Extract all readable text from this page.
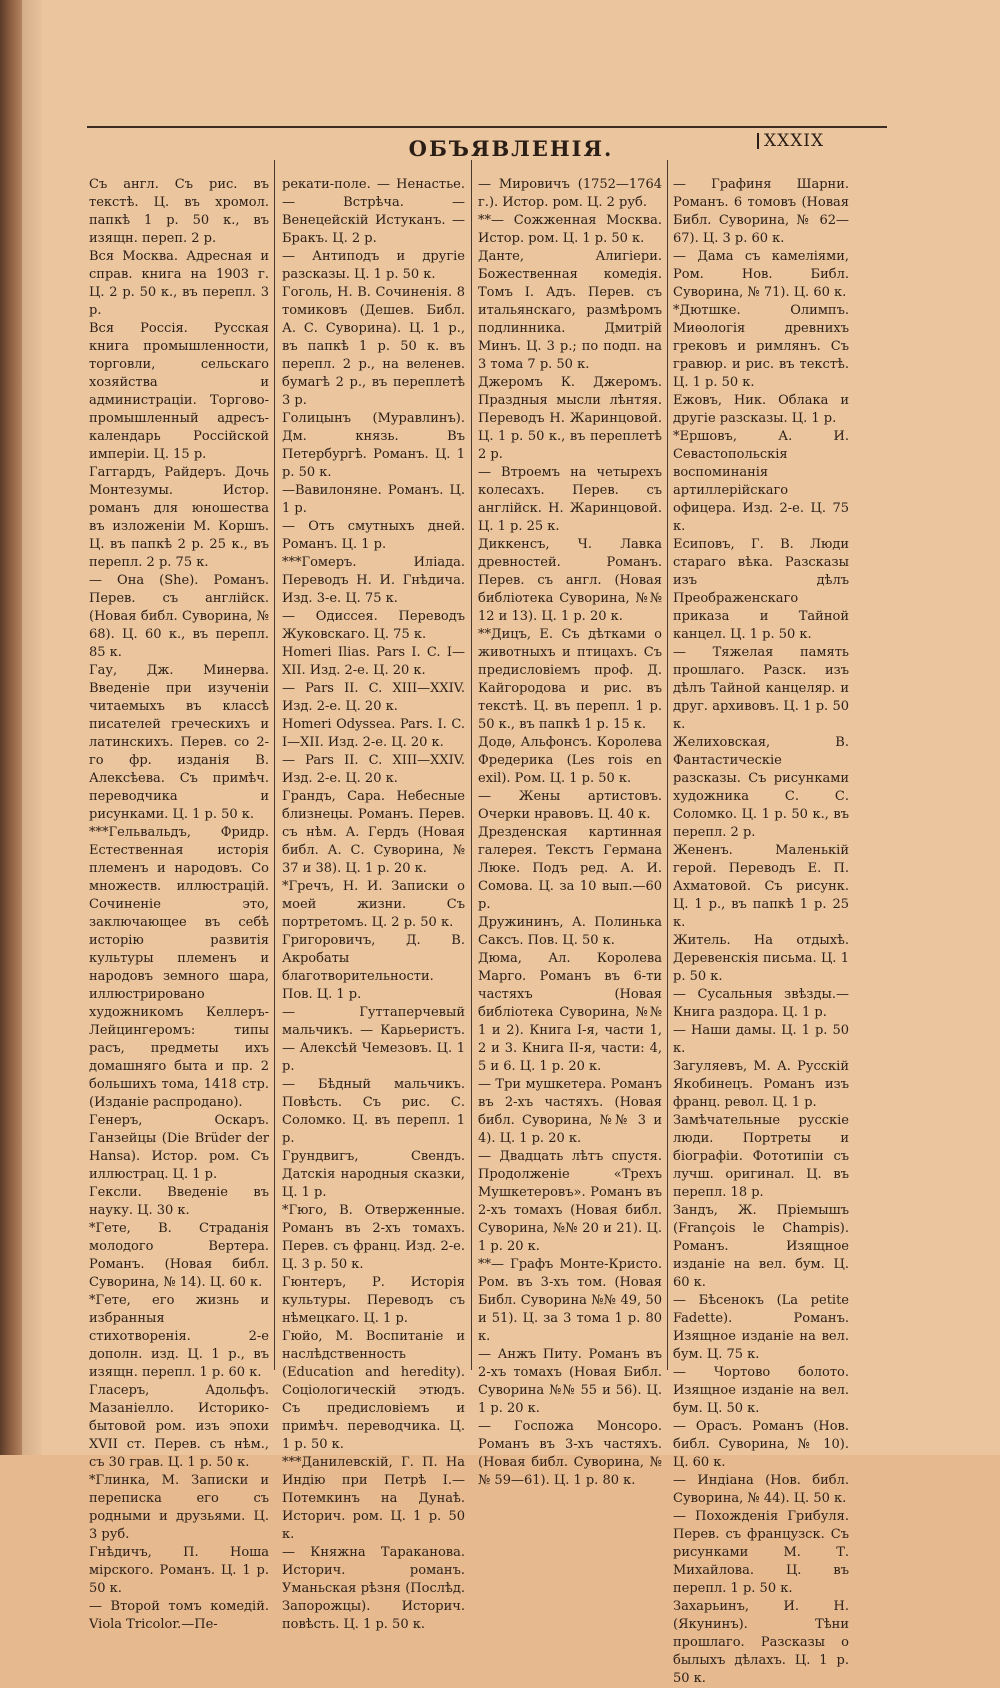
ОБЪЯВЛЕНІЯ.	XXXIX

Съ англ. Съ рис. въ текстѣ. Ц. въ хромол. папкѣ 1 р. 50 к., въ изящн. переп. 2 р.

Вся Москва. Адресная и справ. книга на 1903 г. Ц. 2 р. 50 к., въ перепл. 3 р.

Вся Россія. Русская книга промышленности, торговли, сельскаго хозяйства и администраціи. Торгово-промышленный адресъ-календарь Россійской имперіи. Ц. 15 р.

Гаггардъ, Райдеръ. Дочь Монтезумы. Истор. романъ для юношества въ изложеніи М. Коршъ. Ц. въ папкѣ 2 р. 25 к., въ перепл. 2 р. 75 к.

— Она (She). Романъ. Перев. съ англійск. (Новая библ. Суворина, № 68). Ц. 60 к., въ перепл. 85 к.

Гау, Дж. Минерва. Введеніе при изученіи читаемыхъ въ классѣ писателей греческихъ и латинскихъ. Перев. со 2-го фр. изданія В. Алексѣева. Съ примѣч. переводчика и рисунками. Ц. 1 р. 50 к.

***Гельвальдъ, Фридр. Естественная исторія племенъ и народовъ. Со множеств. иллюстрацій. Сочиненіе это, заключающее въ себѣ исторію развитія культуры племенъ и народовъ земного шара, иллюстрировано художникомъ Келлеръ-Лейцингеромъ: типы расъ, предметы ихъ домашняго быта и пр. 2 большихъ тома, 1418 стр. (Изданіе распродано).

Генеръ, Оскаръ. Ганзейцы (Die Brüder der Hansa). Истор. ром. Съ иллюстрац. Ц. 1 р.

Гексли. Введеніе въ науку. Ц. 30 к.

*Гете, В. Страданія молодого Вертера. Романъ. (Новая библ. Суворина, № 14). Ц. 60 к.

*Гете, его жизнь и избранныя стихотворенія. 2-е дополн. изд. Ц. 1 р., въ изящн. перепл. 1 р. 60 к.

Гласеръ, Адольфъ. Мазаніелло. Историко-бытовой ром. изъ эпохи XVII ст. Перев. съ нѣм., съ 30 грав. Ц. 1 р. 50 к.

*Глинка, М. Записки и переписка его съ родными и друзьями. Ц. 3 руб.

Гнѣдичъ, П. Ноша мірского. Романъ. Ц. 1 р. 50 к.

— Второй томъ комедій. Viola Tricolor.—Пе-

рекати-поле. — Ненастье. — Встрѣча. — Венецейскій Истуканъ. — Бракъ. Ц. 2 р.

— Антиподъ и другіе разсказы. Ц. 1 р. 50 к.

Гоголь, Н. В. Сочиненія. 8 томиковъ (Дешев. Библ. А. С. Суворина). Ц. 1 р., въ папкѣ 1 р. 50 к. въ перепл. 2 р., на веленев. бумагѣ 2 р., въ переплетѣ 3 р.

Голицынъ (Муравлинъ). Дм. князь. Въ Петербургѣ. Романъ. Ц. 1 р. 50 к.

—Вавилоняне. Романъ. Ц. 1 р.

— Отъ смутныхъ дней. Романъ. Ц. 1 р.

***Гомеръ. Иліада. Переводъ Н. И. Гнѣдича. Изд. 3-е. Ц. 75 к.

— Одиссея. Переводъ Жуковскаго. Ц. 75 к.

Homeri Ilias. Pars I. C. I—XII. Изд. 2-е. Ц. 20 к.

— Pars II. C. XIII—XXIV. Изд. 2-е. Ц. 20 к.

Homeri Odyssea. Pars. I. C. I—XII. Изд. 2-е. Ц. 20 к.

— Pars II. C. XIII—XXIV. Изд. 2-е. Ц. 20 к.

Грандъ, Сара. Небесные близнецы. Романъ. Перев. съ нѣм. А. Гердъ (Новая библ. А. С. Суворина, № 37 и 38). Ц. 1 р. 20 к.

*Гречъ, Н. И. Записки о моей жизни. Съ портретомъ. Ц. 2 р. 50 к.

Григоровичъ, Д. В. Акробаты благотворительности. Пов. Ц. 1 р.

— Гуттаперчевый мальчикъ. — Карьеристъ. — Алексѣй Чемезовъ. Ц. 1 р.

— Бѣдный мальчикъ. Повѣсть. Съ рис. С. Соломко. Ц. въ перепл. 1 р.

Грундвигъ, Свендъ. Датскія народныя сказки, Ц. 1 р.

*Гюго, В. Отверженные. Романъ въ 2-хъ томахъ. Перев. съ франц. Изд. 2-е. Ц. 3 р. 50 к.

Гюнтеръ, Р. Исторія культуры. Переводъ съ нѣмецкаго. Ц. 1 р.

Гюйо, М. Воспитаніе и наслѣдственность (Education and heredity). Соціологическій этюдъ. Съ предисловіемъ и примѣч. переводчика. Ц. 1 р. 50 к.

***Данилевскій, Г. П. На Индію при Петрѣ I.— Потемкинъ на Дунаѣ. Историч. ром. Ц. 1 р. 50 к.

— Княжна Тараканова. Историч. романъ. Уманьская рѣзня (Послѣд. Запорожцы). Историч. повѣсть. Ц. 1 р. 50 к.

— Мировичъ (1752—1764 г.). Истор. ром. Ц. 2 руб.

**— Сожженная Москва. Истор. ром. Ц. 1 р. 50 к.

Данте, Алигіери. Божественная комедія. Томъ I. Адъ. Перев. съ итальянскаго, размѣромъ подлинника. Дмитрій Минъ. Ц. 3 р.; по подп. на 3 тома 7 р. 50 к.

Джеромъ К. Джеромъ. Праздныя мысли лѣнтяя. Переводъ Н. Жаринцовой. Ц. 1 р. 50 к., въ переплетѣ 2 р.

— Втроемъ на четырехъ колесахъ. Перев. съ англійск. Н. Жаринцовой. Ц. 1 р. 25 к.

Диккенсъ, Ч. Лавка древностей. Романъ. Перев. съ англ. (Новая библіотека Суворина, №№ 12 и 13). Ц. 1 р. 20 к.

**Дицъ, Е. Съ дѣтками о животныхъ и птицахъ. Съ предисловіемъ проф. Д. Кайгородова и рис. въ текстѣ. Ц. въ перепл. 1 р. 50 к., въ папкѣ 1 р. 15 к.

Додѳ, Альфонсъ. Королева Фредерика (Les rois en exil). Ром. Ц. 1 р. 50 к.

— Жены артистовъ. Очерки нравовъ. Ц. 40 к.

Дрезденская картинная галерея. Текстъ Германа Люке. Подъ ред. А. И. Сомова. Ц. за 10 вып.—60 р.

Дружининъ, А. Полинька Саксъ. Пов. Ц. 50 к.

Дюма, Ал. Королева Марго. Романъ въ 6-ти частяхъ (Новая библіотека Суворина, №№ 1 и 2). Книга I-я, части 1, 2 и 3. Книга II-я, части: 4, 5 и 6. Ц. 1 р. 20 к.

— Три мушкетера. Романъ въ 2-хъ частяхъ. (Новая библ. Суворина, №№ 3 и 4). Ц. 1 р. 20 к.

— Двадцать лѣтъ спустя. Продолженіе «Трехъ Мушкетеровъ». Романъ въ 2-хъ томахъ (Новая библ. Суворина, №№ 20 и 21). Ц. 1 р. 20 к.

**— Графъ Монте-Кристо. Ром. въ 3-хъ том. (Новая Библ. Суворина №№ 49, 50 и 51). Ц. за 3 тома 1 р. 80 к.

— Анжъ Питу. Романъ въ 2-хъ томахъ (Новая Библ. Суворина №№ 55 и 56). Ц. 1 р. 20 к.

— Госпожа Монсоро. Романъ въ 3-хъ частяхъ. (Новая библ. Суворина, №№ 59—61). Ц. 1 р. 80 к.

— Графиня Шарни. Романъ. 6 томовъ (Новая Библ. Суворина, № 62—67). Ц. 3 р. 60 к.

— Дама съ камеліями, Ром. Нов. Библ. Суворина, № 71). Ц. 60 к.

*Дютшке. Олимпъ. Миѳологія древнихъ грековъ и римлянъ. Съ гравюр. и рис. въ текстѣ. Ц. 1 р. 50 к.

Ежовъ, Ник. Облака и другіе разсказы. Ц. 1 р.

*Ершовъ, А. И. Севастопольскія воспоминанія артиллерійскаго офицера. Изд. 2-е. Ц. 75 к.

Есиповъ, Г. В. Люди стараго вѣка. Разсказы изъ дѣлъ Преображенскаго приказа и Тайной канцел. Ц. 1 р. 50 к.

— Тяжелая память прошлаго. Разск. изъ дѣлъ Тайной канцеляр. и друг. архивовъ. Ц. 1 р. 50 к.

Желиховская, В. Фантастическіе разсказы. Съ рисунками художника С. С. Соломко. Ц. 1 р. 50 к., въ перепл. 2 р.

Жененъ. Маленькій герой. Переводъ Е. П. Ахматовой. Съ рисунк. Ц. 1 р., въ папкѣ 1 р. 25 к.

Житель. На отдыхѣ. Деревенскія письма. Ц. 1 р. 50 к.

— Сусальныя звѣзды.— Книга раздора. Ц. 1 р.

— Наши дамы. Ц. 1 р. 50 к.

Загуляевъ, М. А. Русскій Якобинецъ. Романъ изъ франц. револ. Ц. 1 р.

Замѣчательные русскіе люди. Портреты и біографіи. Фототипіи съ лучш. оригинал. Ц. въ перепл. 18 р.

Зандъ, Ж. Пріемышъ (François le Champis). Романъ. Изящное изданіе на вел. бум. Ц. 60 к.

— Бѣсенокъ (La petite Fadette). Романъ. Изящное изданіе на вел. бум. Ц. 75 к.

— Чортово болото. Изящное изданіе на вел. бум. Ц. 50 к.

— Орасъ. Романъ (Нов. библ. Суворина, № 10). Ц. 60 к.

— Индіана (Нов. библ. Суворина, № 44). Ц. 50 к.

— Похожденія Грибуля. Перев. съ французск. Съ рисунками М. Т. Михайлова. Ц. въ перепл. 1 р. 50 к.

Захарьинъ, И. Н. (Якунинъ). Тѣни прошлаго. Разсказы о былыхъ дѣлахъ. Ц. 1 р. 50 к.
